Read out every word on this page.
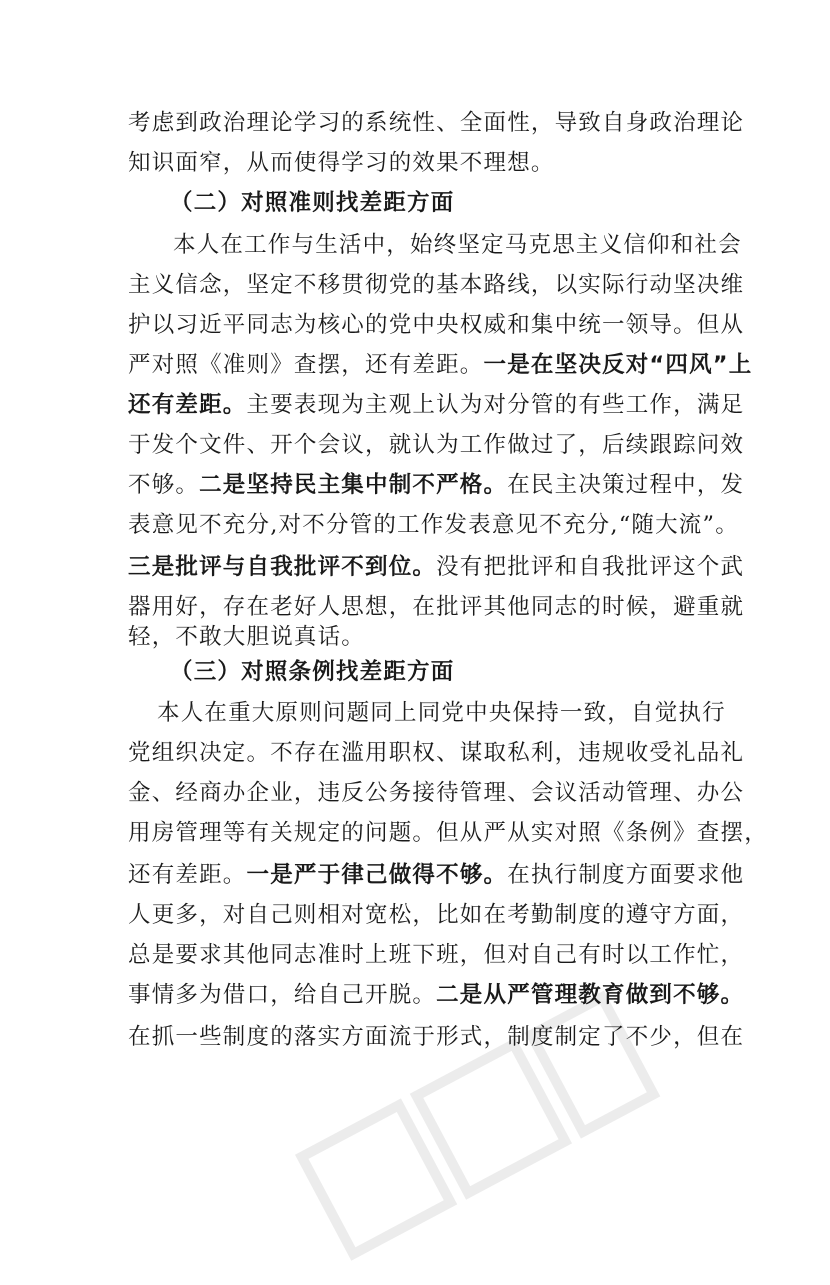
考虑到政治理论学习的系统性、全面性，导致自身政治理论
知识面窄，从而使得学习的效果不理想。
（二）对照准则找差距方面
本人在工作与生活中，始终坚定马克思主义信仰和社会
主义信念，坚定不移贯彻党的基本路线，以实际行动坚决维
护以习近平同志为核心的党中央权威和集中统一领导。但从
严对照《准则》查摆，还有差距。一是在坚决反对“四风”上
还有差距。主要表现为主观上认为对分管的有些工作，满足
于发个文件、开个会议，就认为工作做过了，后续跟踪问效
不够。二是坚持民主集中制不严格。在民主决策过程中，发
表意见不充分,对不分管的工作发表意见不充分,“随大流”。
三是批评与自我批评不到位。没有把批评和自我批评这个武
器用好，存在老好人思想，在批评其他同志的时候，避重就
轻，不敢大胆说真话。
（三）对照条例找差距方面
本人在重大原则问题同上同党中央保持一致，自觉执行
党组织决定。不存在滥用职权、谋取私利，违规收受礼品礼
金、经商办企业，违反公务接待管理、会议活动管理、办公
用房管理等有关规定的问题。但从严从实对照《条例》查摆，
还有差距。一是严于律己做得不够。在执行制度方面要求他
人更多，对自己则相对宽松，比如在考勤制度的遵守方面，
总是要求其他同志准时上班下班，但对自己有时以工作忙，
事情多为借口，给自己开脱。二是从严管理教育做到不够。
在抓一些制度的落实方面流于形式，制度制定了不少，但在
